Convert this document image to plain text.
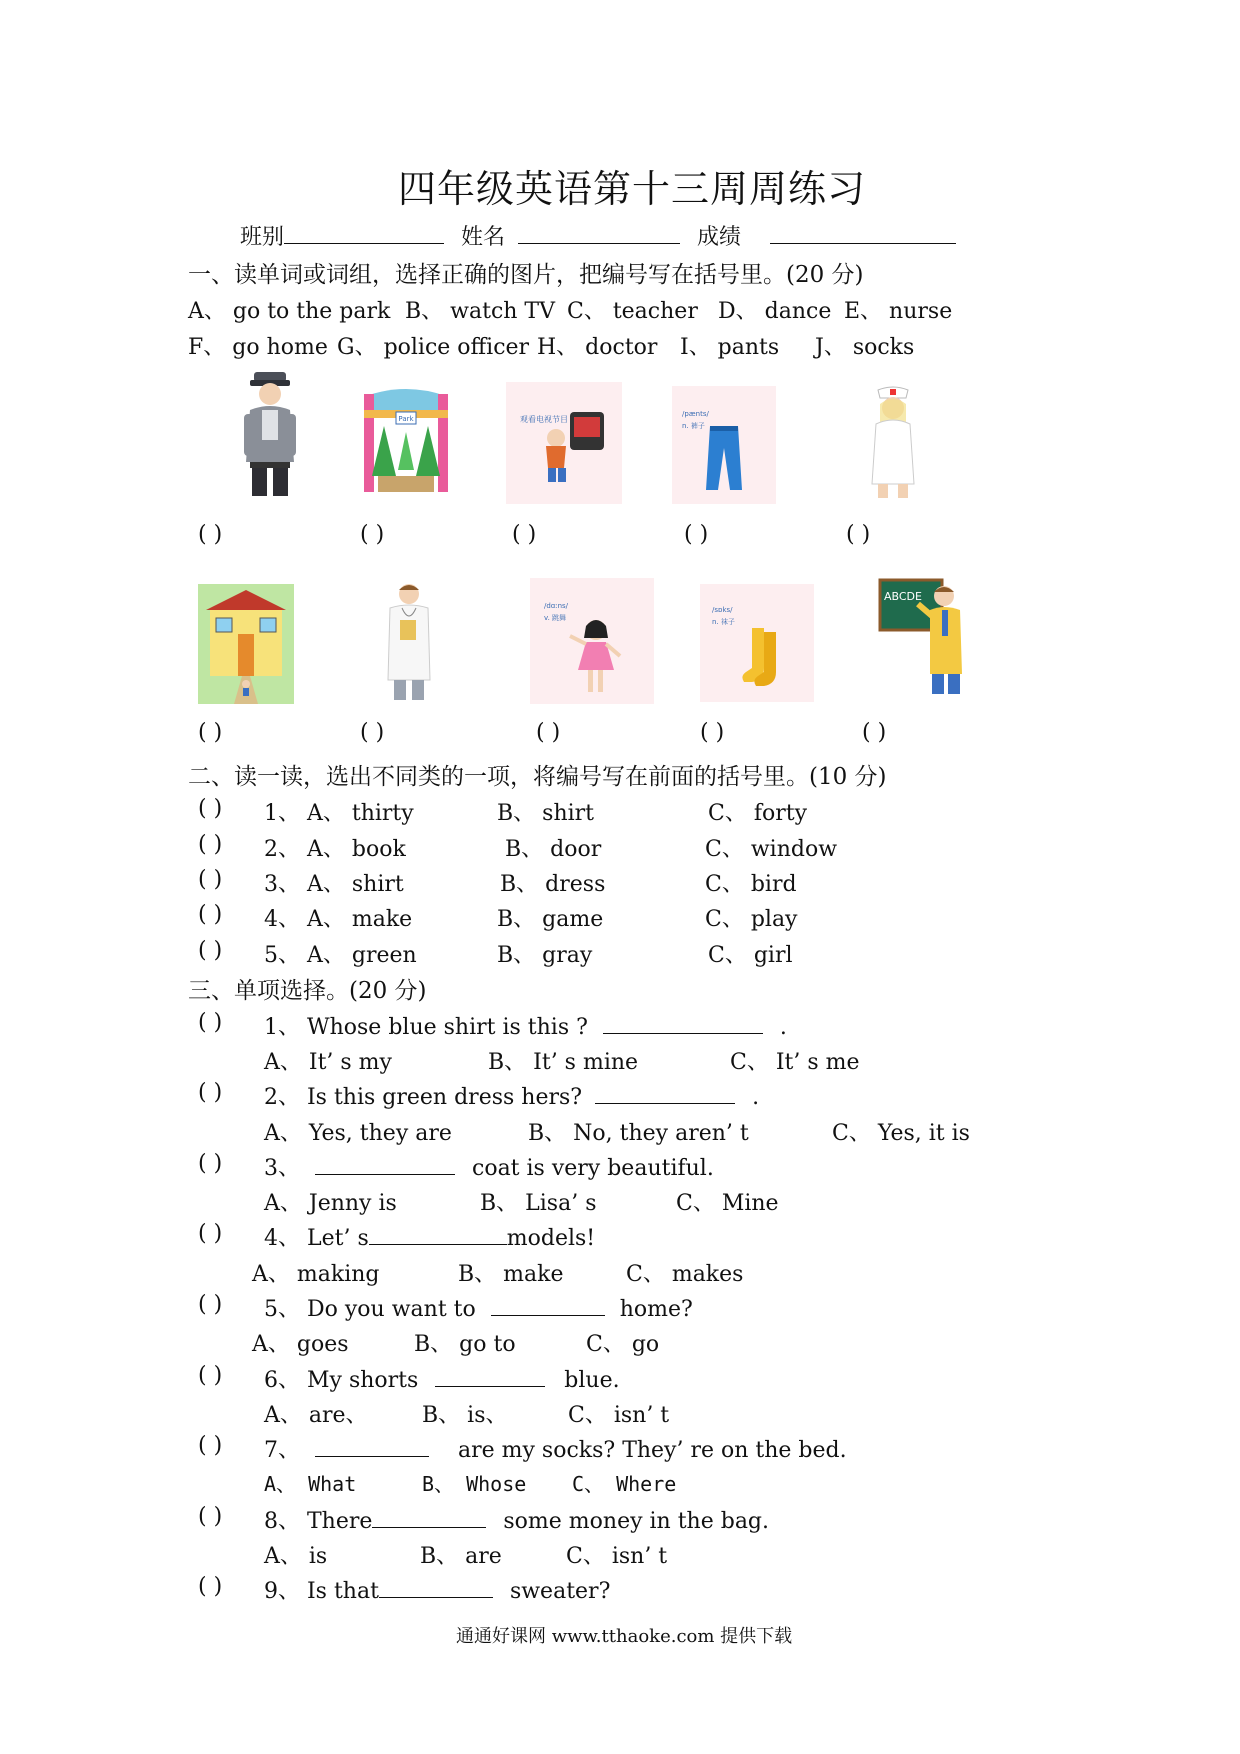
四年级英语第十三周周练习
班别	姓名	成绩
一、读单词或词组，选择正确的图片，把编号写在括号里。(20 分)
A、 go to the park B、 watch TV C、 teacher D、 dance E、 nurse
F、 go home G、 police officer H、 doctor I、 pants J、 socks
Park	观看电视节目
/pænts/
n. 裤子
( )	( )	( )	( )	( )
/dɑːns/
v. 跳舞
/sɒks/
n. 袜子
ABCDE
( )	( )	( )	( )	( )
二、读一读，选出不同类的一项，将编号写在前面的括号里。(10 分)
( ) 1、 A、 thirty	B、 shirt	C、 forty
( ) 2、 A、 book	B、 door	C、 window
( ) 3、 A、 shirt	B、 dress	C、 bird
( ) 4、 A、 make	B、 game	C、 play
( ) 5、 A、 green	B、 gray	C、 girl
三、单项选择。(20 分)
( ) 1、 Whose blue shirt is this ?	.
A、 It’ s my	B、 It’ s mine	C、 It’ s me
( ) 2、 Is this green dress hers?	.
A、 Yes, they are	B、 No, they aren’ t	C、 Yes, it is
( ) 3、	coat is very beautiful.
A、 Jenny is	B、 Lisa’ s	C、 Mine
( ) 4、 Let’ s	models!
A、 making	B、 make	C、 makes
( ) 5、 Do you want to	home?
A、 goes	B、 go to	C、 go
( ) 6、 My shorts	blue.
A、 are、 B、 is、	C、 isn’ t
( ) 7、	are my socks? They’ re on the bed.
A、 What	B、 Whose C、 Where
( ) 8、 There	some money in the bag.
A、 is	B、 are	C、 isn’ t
( ) 9、 Is that	sweater?
通通好课网 www.tthaoke.com 提供下载
